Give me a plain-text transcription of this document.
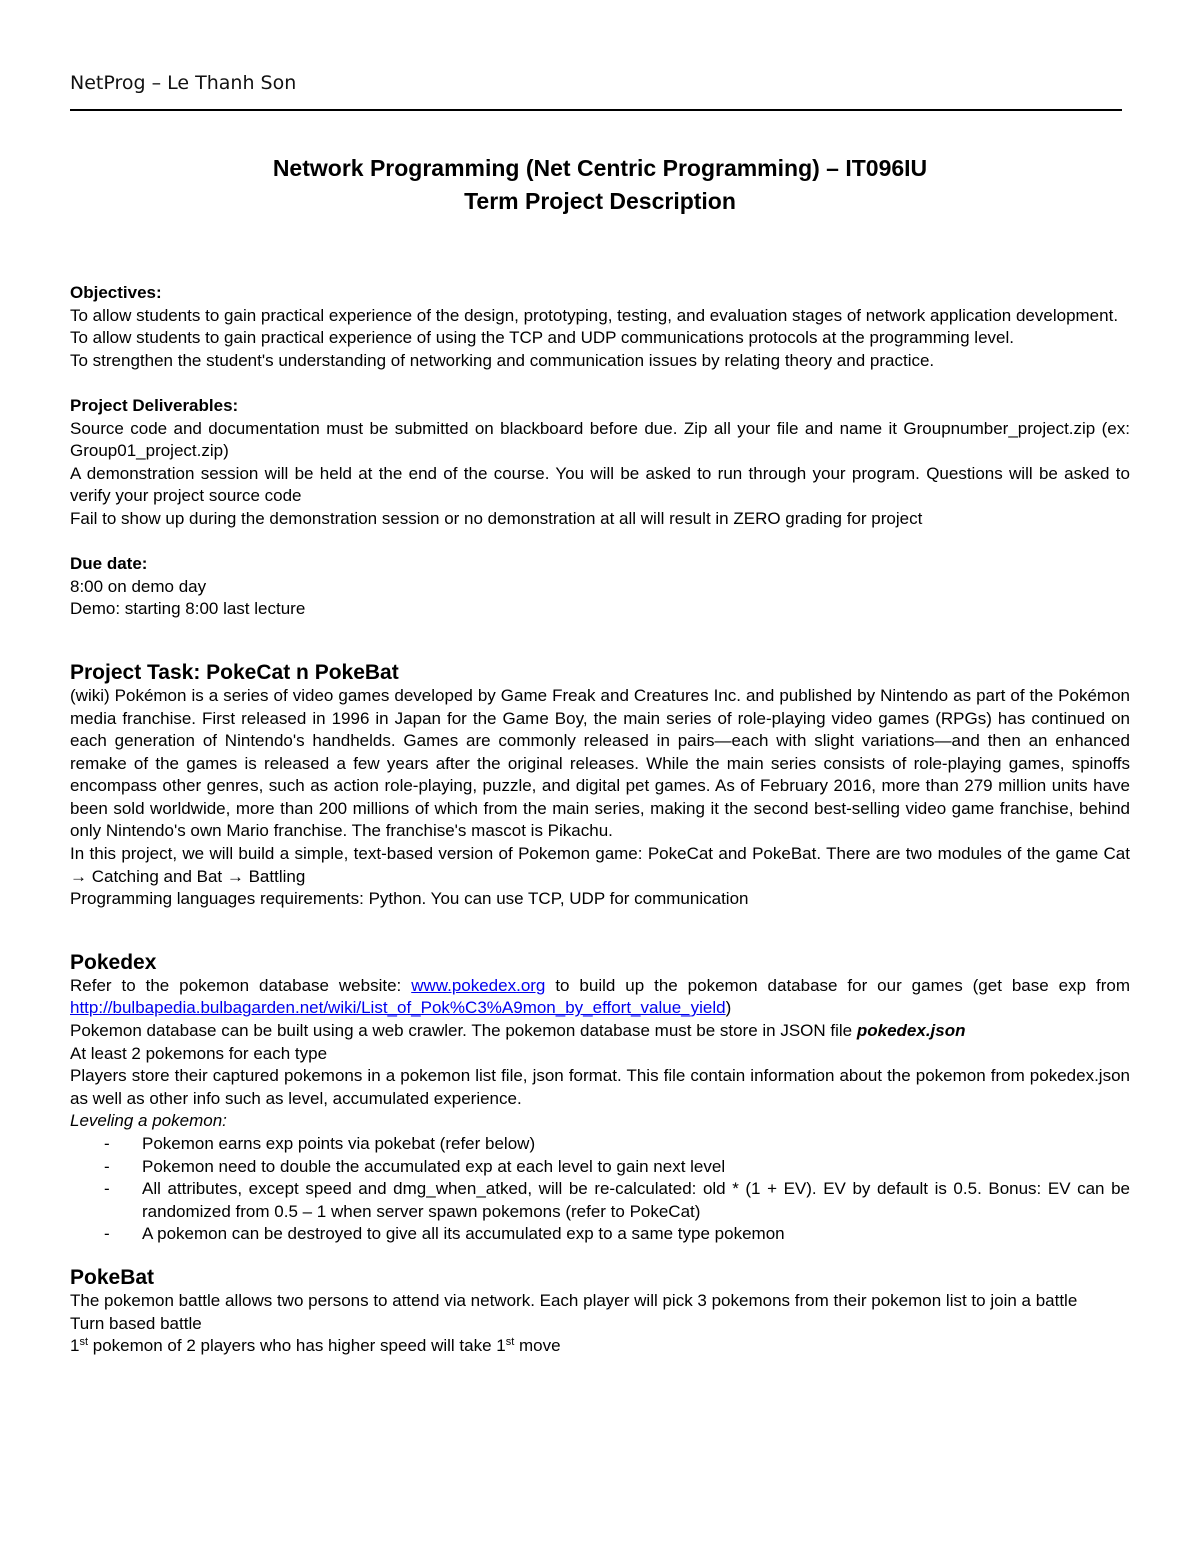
NetProg – Le Thanh Son
Network Programming (Net Centric Programming) – IT096IU
Term Project Description

Objectives:

To allow students to gain practical experience of the design, prototyping, testing, and evaluation stages of network application development.

To allow students to gain practical experience of using the TCP and UDP communications protocols at the programming level.

To strengthen the student's understanding of networking and communication issues by relating theory and practice.

Project Deliverables:

Source code and documentation must be submitted on blackboard before due. Zip all your file and name it Groupnumber_project.zip (ex: Group01_project.zip)

A demonstration session will be held at the end of the course. You will be asked to run through your program. Questions will be asked to verify your project source code

Fail to show up during the demonstration session or no demonstration at all will result in ZERO grading for project

Due date:

8:00 on demo day

Demo: starting 8:00 last lecture

Project Task: PokeCat n PokeBat

(wiki) Pokémon is a series of video games developed by Game Freak and Creatures Inc. and published by Nintendo as part of the Pokémon media franchise. First released in 1996 in Japan for the Game Boy, the main series of role-playing video games (RPGs) has continued on each generation of Nintendo's handhelds. Games are commonly released in pairs—each with slight variations—and then an enhanced remake of the games is released a few years after the original releases. While the main series consists of role-playing games, spinoffs encompass other genres, such as action role-playing, puzzle, and digital pet games. As of February 2016, more than 279 million units have been sold worldwide, more than 200 millions of which from the main series, making it the second best-selling video game franchise, behind only Nintendo's own Mario franchise. The franchise's mascot is Pikachu.

In this project, we will build a simple, text-based version of Pokemon game: PokeCat and PokeBat. There are two modules of the game Cat → Catching and Bat → Battling

Programming languages requirements: Python. You can use TCP, UDP for communication

Pokedex

Refer to the pokemon database website: www.pokedex.org to build up the pokemon database for our games (get base exp from http://bulbapedia.bulbagarden.net/wiki/List_of_Pok%C3%A9mon_by_effort_value_yield)

Pokemon database can be built using a web crawler. The pokemon database must be store in JSON file pokedex.json

At least 2 pokemons for each type

Players store their captured pokemons in a pokemon list file, json format. This file contain information about the pokemon from pokedex.json as well as other info such as level, accumulated experience.

Leveling a pokemon:

- Pokemon earns exp points via pokebat (refer below)
- Pokemon need to double the accumulated exp at each level to gain next level
- All attributes, except speed and dmg_when_atked, will be re-calculated: old * (1 + EV). EV by default is 0.5. Bonus: EV can be randomized from 0.5 – 1 when server spawn pokemons (refer to PokeCat)
- A pokemon can be destroyed to give all its accumulated exp to a same type pokemon

PokeBat

The pokemon battle allows two persons to attend via network. Each player will pick 3 pokemons from their pokemon list to join a battle

Turn based battle

1st pokemon of 2 players who has higher speed will take 1st move
